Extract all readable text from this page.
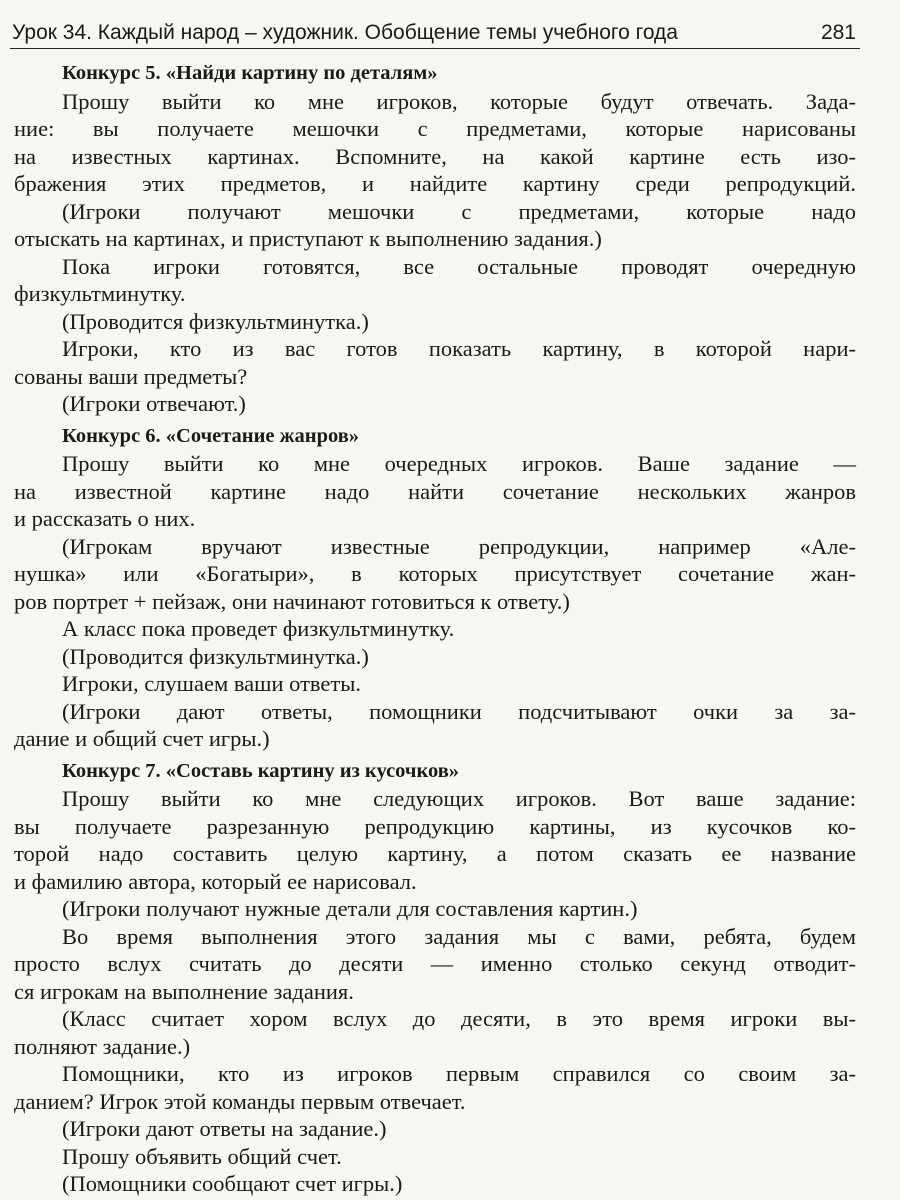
Урок 34. Каждый народ – художник. Обобщение темы учебного года	281
Конкурс 5. «Найди картину по деталям»
Прошу выйти ко мне игроков, которые будут отвечать. Зада-
ние: вы получаете мешочки с предметами, которые нарисованы
на известных картинах. Вспомните, на какой картине есть изо-
бражения этих предметов, и найдите картину среди репродукций.
(Игроки получают мешочки с предметами, которые надо
отыскать на картинах, и приступают к выполнению задания.)
Пока игроки готовятся, все остальные проводят очередную
физкультминутку.
(Проводится физкультминутка.)
Игроки, кто из вас готов показать картину, в которой нари-
сованы ваши предметы?
(Игроки отвечают.)
Конкурс 6. «Сочетание жанров»
Прошу выйти ко мне очередных игроков. Ваше задание —
на известной картине надо найти сочетание нескольких жанров
и рассказать о них.
(Игрокам вручают известные репродукции, например «Але-
нушка» или «Богатыри», в которых присутствует сочетание жан-
ров портрет + пейзаж, они начинают готовиться к ответу.)
А класс пока проведет физкультминутку.
(Проводится физкультминутка.)
Игроки, слушаем ваши ответы.
(Игроки дают ответы, помощники подсчитывают очки за за-
дание и общий счет игры.)
Конкурс 7. «Составь картину из кусочков»
Прошу выйти ко мне следующих игроков. Вот ваше задание:
вы получаете разрезанную репродукцию картины, из кусочков ко-
торой надо составить целую картину, а потом сказать ее название
и фамилию автора, который ее нарисовал.
(Игроки получают нужные детали для составления картин.)
Во время выполнения этого задания мы с вами, ребята, будем
просто вслух считать до десяти — именно столько секунд отводит-
ся игрокам на выполнение задания.
(Класс считает хором вслух до десяти, в это время игроки вы-
полняют задание.)
Помощники, кто из игроков первым справился со своим за-
данием? Игрок этой команды первым отвечает.
(Игроки дают ответы на задание.)
Прошу объявить общий счет.
(Помощники сообщают счет игры.)
